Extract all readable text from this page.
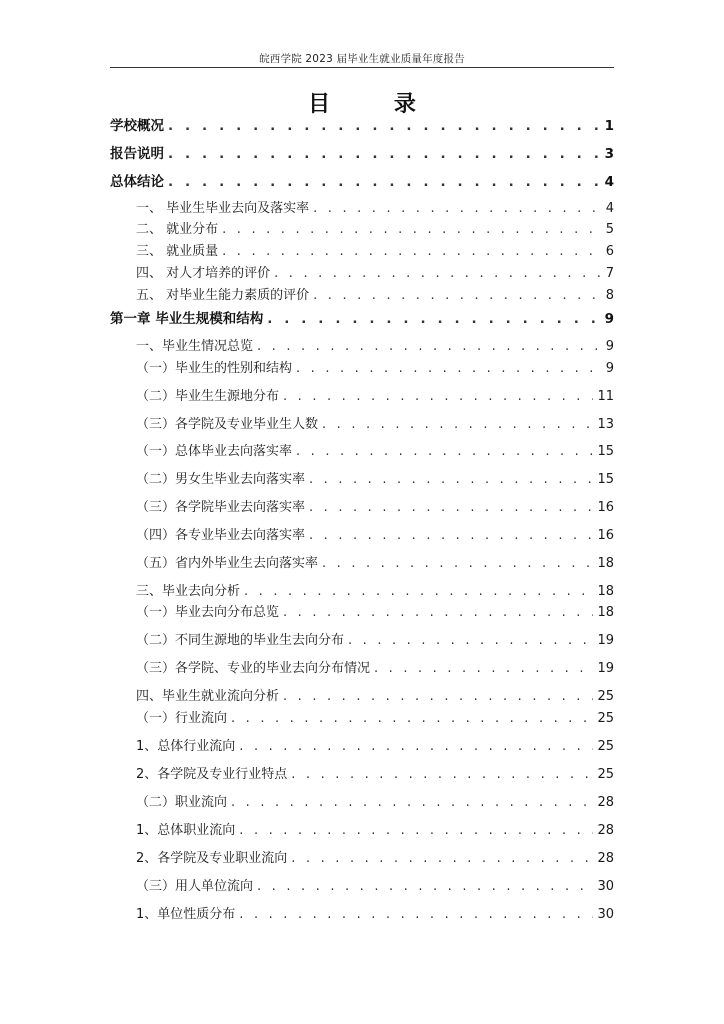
皖西学院 2023 届毕业生就业质量年度报告
目 录
学校概况 . . .	1
报告说明 . . .	3
总体结论 . . .	4
一、 毕业生毕业去向及落实率 . . .	4
二、 就业分布 . . .	5
三、 就业质量 . . .	6
四、 对人才培养的评价 . . .	7
五、 对毕业生能力素质的评价 . . .	8
第一章 毕业生规模和结构 . . .	9
一、毕业生情况总览 . . .	9
（一）毕业生的性别和结构 . . .	9
（二）毕业生生源地分布 . . .	11
（三）各学院及专业毕业生人数 . . .	13
（一）总体毕业去向落实率 . . .	15
（二）男女生毕业去向落实率 . . .	15
（三）各学院毕业去向落实率 . . .	16
（四）各专业毕业去向落实率 . . .	16
（五）省内外毕业生去向落实率 . . .	18
三、毕业去向分析 . . .	18
（一）毕业去向分布总览 . . .	18
（二）不同生源地的毕业生去向分布 . . .	19
（三）各学院、专业的毕业去向分布情况 . . .	19
四、毕业生就业流向分析 . . .	25
（一）行业流向 . . .	25
1、总体行业流向 . . .	25
2、各学院及专业行业特点 . . .	25
（二）职业流向 . . .	28
1、总体职业流向 . . .	28
2、各学院及专业职业流向 . . .	28
（三）用人单位流向 . . .	30
1、单位性质分布 . . .	30
